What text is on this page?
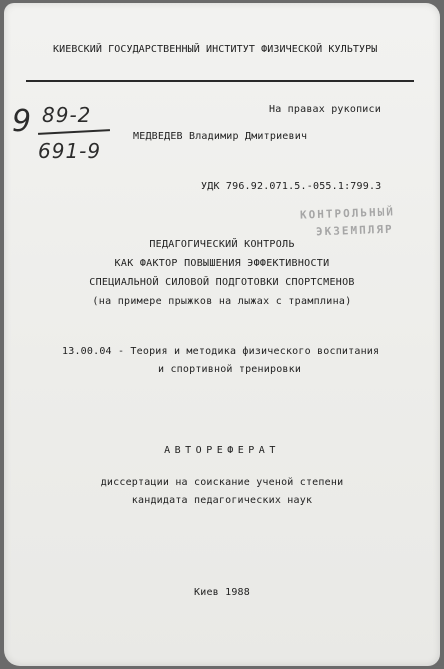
КИЕВСКИЙ ГОСУДАРСТВЕННЫЙ ИНСТИТУТ ФИЗИЧЕСКОЙ КУЛЬТУРЫ
9 89-2
691-9
На правах рукописи
МЕДВЕДЕВ Владимир Дмитриевич
УДК 796.92.071.5.-055.1:799.3
КОНТРОЛЬНЫЙ
ЭКЗЕМПЛЯР
ПЕДАГОГИЧЕСКИЙ КОНТРОЛЬ
КАК ФАКТОР ПОВЫШЕНИЯ ЭФФЕКТИВНОСТИ
СПЕЦИАЛЬНОЙ СИЛОВОЙ ПОДГОТОВКИ СПОРТСМЕНОВ
(на примере прыжков на лыжах с трамплина)
13.00.04 - Теория и методика физического воспитания
и спортивной тренировки
АВТОРЕФЕРАТ
диссертации на соискание ученой степени
кандидата педагогических наук
Киев 1988
